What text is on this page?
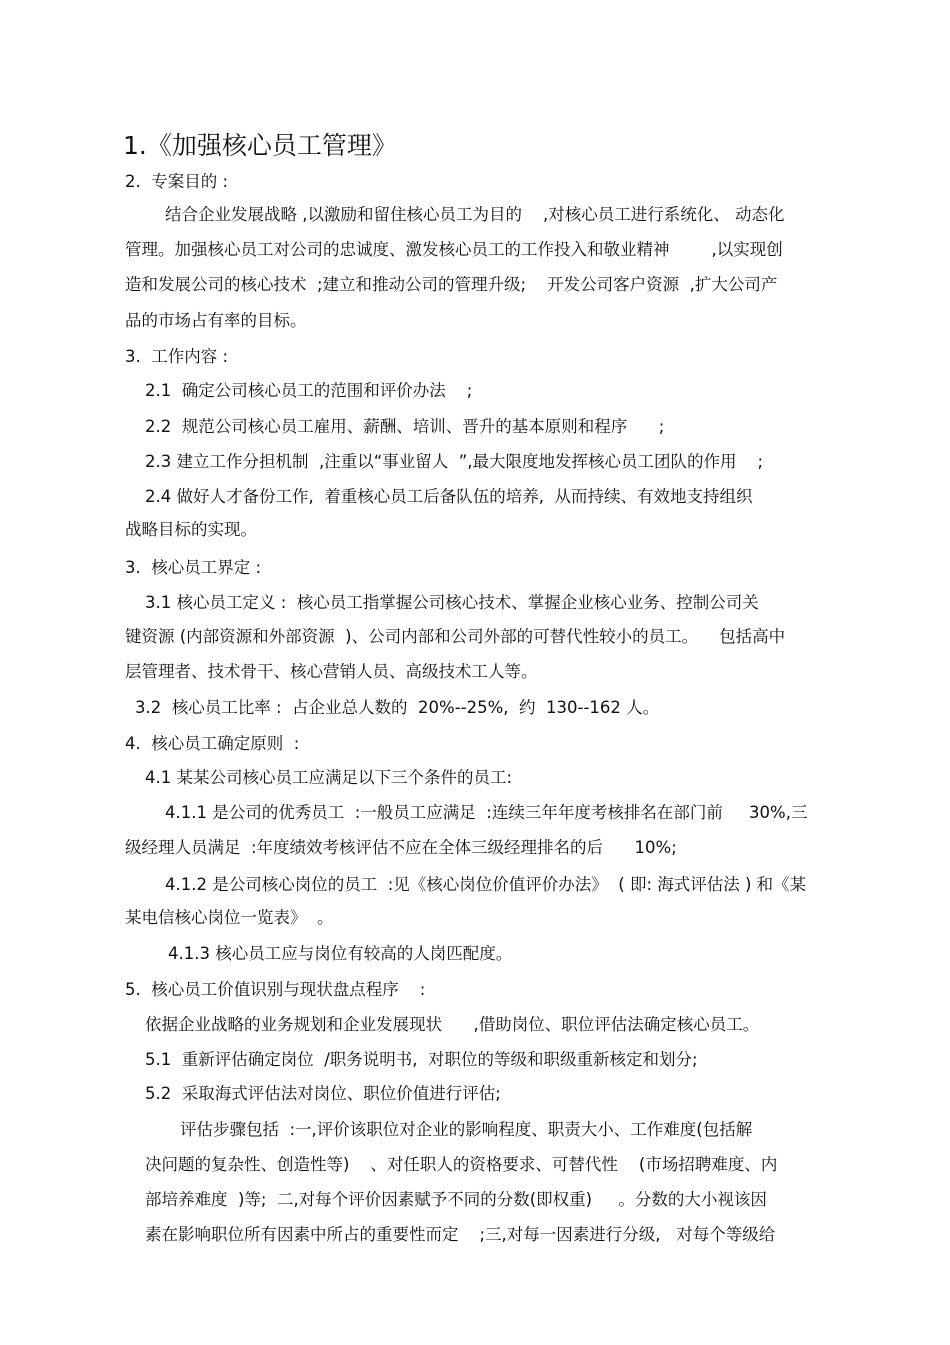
1.《加强核心员工管理》
2.  专案目的 :
结合企业发展战略 ,以激励和留住核心员工为目的    ,对核心员工进行系统化、 动态化
管理。加强核心员工对公司的忠诚度、激发核心员工的工作投入和敬业精神        ,以实现创
造和发展公司的核心技术  ;建立和推动公司的管理升级;    开发公司客户资源  ,扩大公司产
品的市场占有率的目标。
3.  工作内容 :
2.1  确定公司核心员工的范围和评价办法    ;
2.2  规范公司核心员工雇用、薪酬、培训、晋升的基本原则和程序      ;
2.3 建立工作分担机制  ,注重以“事业留人  ”,最大限度地发挥核心员工团队的作用    ;
2.4 做好人才备份工作,  着重核心员工后备队伍的培养,  从而持续、有效地支持组织
战略目标的实现。
3.  核心员工界定 :
3.1 核心员工定义 :  核心员工指掌握公司核心技术、掌握企业核心业务、控制公司关
键资源 (内部资源和外部资源  )、公司内部和公司外部的可替代性较小的员工。    包括高中
层管理者、技术骨干、核心营销人员、高级技术工人等。
3.2  核心员工比率 :  占企业总人数的  20%--25%,  约  130--162 人。
4.  核心员工确定原则  :
4.1 某某公司核心员工应满足以下三个条件的员工:
4.1.1 是公司的优秀员工  :一般员工应满足  :连续三年年度考核排名在部门前     30%,三
级经理人员满足  :年度绩效考核评估不应在全体三级经理排名的后      10%;
4.1.2 是公司核心岗位的员工  :见《核心岗位价值评价办法》  ( 即: 海式评估法 ) 和《某
某电信核心岗位一览表》  。
4.1.3 核心员工应与岗位有较高的人岗匹配度。
5.  核心员工价值识别与现状盘点程序    :
依据企业战略的业务规划和企业发展现状      ,借助岗位、职位评估法确定核心员工。
5.1  重新评估确定岗位  /职务说明书,  对职位的等级和职级重新核定和划分;
5.2  采取海式评估法对岗位、职位价值进行评估;
评估步骤包括  :一,评价该职位对企业的影响程度、职责大小、工作难度(包括解
决问题的复杂性、创造性等)    、对任职人的资格要求、可替代性    (市场招聘难度、内
部培养难度  )等;  二,对每个评价因素赋予不同的分数(即权重)     。分数的大小视该因
素在影响职位所有因素中所占的重要性而定    ;三,对每一因素进行分级,   对每个等级给
